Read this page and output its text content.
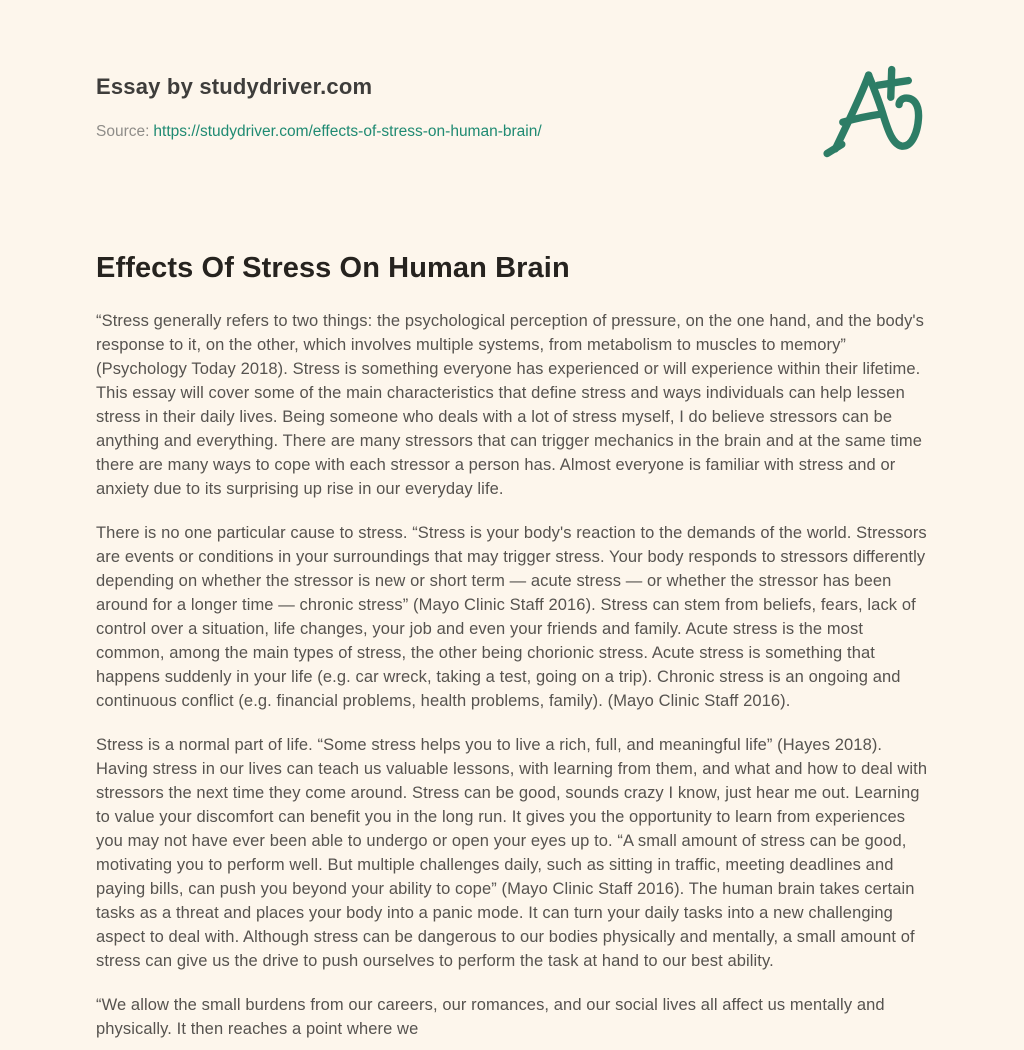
Essay by studydriver.com

Source: https://studydriver.com/effects-of-stress-on-human-brain/

Effects Of Stress On Human Brain

“Stress generally refers to two things: the psychological perception of pressure, on the one hand, and the body's response to it, on the other, which involves multiple systems, from metabolism to muscles to memory” (Psychology Today 2018). Stress is something everyone has experienced or will experience within their lifetime. This essay will cover some of the main characteristics that define stress and ways individuals can help lessen stress in their daily lives. Being someone who deals with a lot of stress myself, I do believe stressors can be anything and everything. There are many stressors that can trigger mechanics in the brain and at the same time there are many ways to cope with each stressor a person has. Almost everyone is familiar with stress and or anxiety due to its surprising up rise in our everyday life.

There is no one particular cause to stress. “Stress is your body's reaction to the demands of the world. Stressors are events or conditions in your surroundings that may trigger stress. Your body responds to stressors differently depending on whether the stressor is new or short term — acute stress — or whether the stressor has been around for a longer time — chronic stress” (Mayo Clinic Staff 2016). Stress can stem from beliefs, fears, lack of control over a situation, life changes, your job and even your friends and family. Acute stress is the most common, among the main types of stress, the other being chorionic stress. Acute stress is something that happens suddenly in your life (e.g. car wreck, taking a test, going on a trip). Chronic stress is an ongoing and continuous conflict (e.g. financial problems, health problems, family). (Mayo Clinic Staff 2016).

Stress is a normal part of life. “Some stress helps you to live a rich, full, and meaningful life” (Hayes 2018). Having stress in our lives can teach us valuable lessons, with learning from them, and what and how to deal with stressors the next time they come around. Stress can be good, sounds crazy I know, just hear me out. Learning to value your discomfort can benefit you in the long run. It gives you the opportunity to learn from experiences you may not have ever been able to undergo or open your eyes up to. “A small amount of stress can be good, motivating you to perform well. But multiple challenges daily, such as sitting in traffic, meeting deadlines and paying bills, can push you beyond your ability to cope” (Mayo Clinic Staff 2016). The human brain takes certain tasks as a threat and places your body into a panic mode. It can turn your daily tasks into a new challenging aspect to deal with. Although stress can be dangerous to our bodies physically and mentally, a small amount of stress can give us the drive to push ourselves to perform the task at hand to our best ability.

“We allow the small burdens from our careers, our romances, and our social lives all affect us mentally and physically. It then reaches a point where we
